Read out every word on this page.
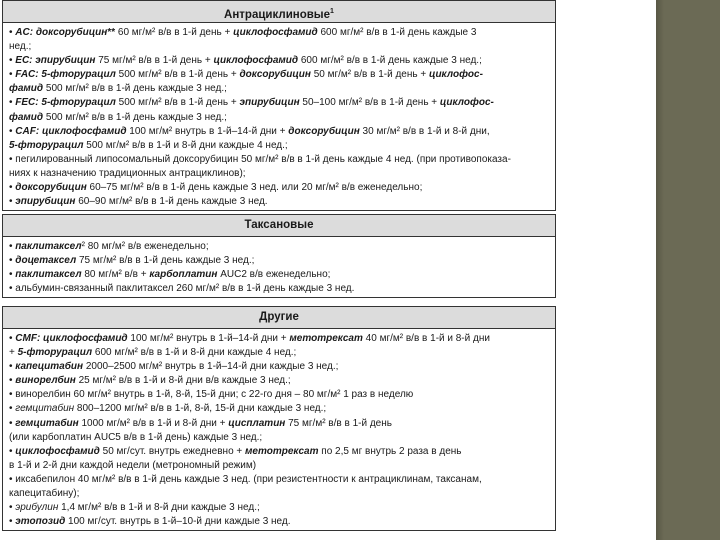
Антрациклиновые$^1$
• AC: доксорубицин** 60 мг/м² в/в в 1-й день + циклофосфамид 600 мг/м² в/в в 1-й день каждые 3
нед.;
• EC: эпирубицин 75 мг/м² в/в в 1-й день + циклофосфамид 600 мг/м² в/в в 1-й день каждые 3 нед.;
• FAC: 5-фторурацил 500 мг/м² в/в в 1-й день + доксорубицин 50 мг/м² в/в в 1-й день + циклофос-
фамид 500 мг/м² в/в в 1-й день каждые 3 нед.;
• FEC: 5-фторурацил 500 мг/м² в/в в 1-й день + эпирубицин 50–100 мг/м² в/в в 1-й день + циклофос-
фамид 500 мг/м² в/в в 1-й день каждые 3 нед.;
• CAF: циклофосфамид 100 мг/м² внутрь в 1-й–14-й дни + доксорубицин 30 мг/м² в/в в 1-й и 8-й дни,
5-фторурацил 500 мг/м² в/в в 1-й и 8-й дни каждые 4 нед.;
• пегилированный липосомальный доксорубицин 50 мг/м² в/в в 1-й день каждые 4 нед. (при противопоказа-
ниях к назначению традиционных антрациклинов);
• доксорубицин 60–75 мг/м² в/в в 1-й день каждые 3 нед. или 20 мг/м² в/в еженедельно;
• эпирубицин 60–90 мг/м² в/в в 1-й день каждые 3 нед.
Таксановые
• паклитаксел² 80 мг/м² в/в еженедельно;
• доцетаксел 75 мг/м² в/в в 1-й день каждые 3 нед.;
• паклитаксел 80 мг/м² в/в + карбоплатин AUC2 в/в еженедельно;
• альбумин-связанный паклитаксел 260 мг/м² в/в в 1-й день каждые 3 нед.
Другие
• CMF: циклофосфамид 100 мг/м² внутрь в 1-й–14-й дни + метотрексат 40 мг/м² в/в в 1-й и 8-й дни
+ 5-фторурацил 600 мг/м² в/в в 1-й и 8-й дни каждые 4 нед.;
• капецитабин 2000–2500 мг/м² внутрь в 1-й–14-й дни каждые 3 нед.;
• винорелбин 25 мг/м² в/в в 1-й и 8-й дни в/в каждые 3 нед.;
• винорелбин 60 мг/м² внутрь в 1-й, 8-й, 15-й дни; с 22-го дня – 80 мг/м² 1 раз в неделю
• гемцитабин 800–1200 мг/м² в/в в 1-й, 8-й, 15-й дни каждые 3 нед.;
• гемцитабин 1000 мг/м² в/в в 1-й и 8-й дни + цисплатин 75 мг/м² в/в в 1-й день
(или карбоплатин AUC5 в/в в 1-й день) каждые 3 нед.;
• циклофосфамид 50 мг/сут. внутрь ежедневно + метотрексат по 2,5 мг внутрь 2 раза в день
в 1-й и 2-й дни каждой недели (метрономный режим)
• иксабепилон 40 мг/м² в/в в 1-й день каждые 3 нед. (при резистентности к антрациклинам, таксанам,
капецитабину);
• эрибулин 1,4 мг/м² в/в в 1-й и 8-й дни каждые 3 нед.;
• этопозид 100 мг/сут. внутрь в 1-й–10-й дни каждые 3 нед.
